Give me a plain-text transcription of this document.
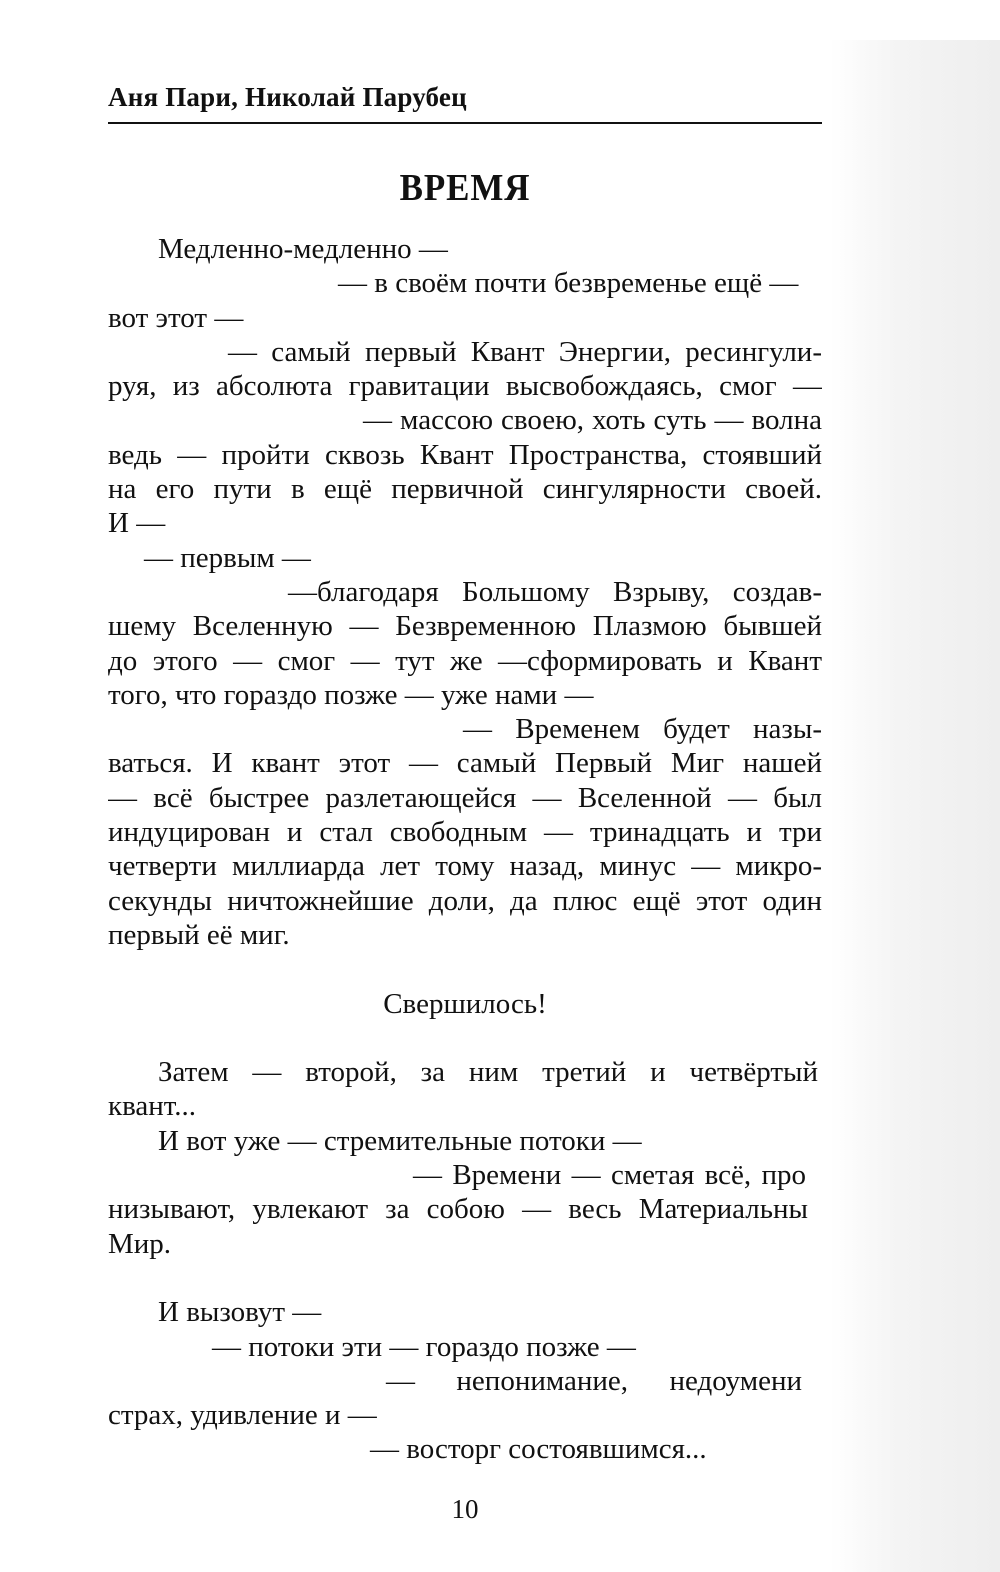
Аня Пари, Николай Парубец
ВРЕМЯ
Медленно-медленно —
— в своём почти безвременье ещё —
вот этот —
— самый первый Квант Энергии, ресингули-
руя, из абсолюта гравитации высвобождаясь, смог —
— массою своею, хоть суть — волна
ведь — пройти сквозь Квант Пространства, стоявший
на его пути в ещё первичной сингулярности своей.
И —
— первым —
—благодаря Большому Взрыву, создав-
шему Вселенную — Безвременною Плазмою бывшей
до этого — смог — тут же —сформировать и Квант
того, что гораздо позже — уже нами —
— Временем будет назы-
ваться. И квант этот — самый Первый Миг нашей
— всё быстрее разлетающейся — Вселенной — был
индуцирован и стал свободным — тринадцать и три
четверти миллиарда лет тому назад, минус — микро-
секунды ничтожнейшие доли, да плюс ещё этот один
первый её миг.
Свершилось!
Затем — второй, за ним третий и четвёртый
квант...
И вот уже — стремительные потоки —
— Времени — сметая всё, про
низывают, увлекают за собою — весь Материальны
Мир.
И вызовут —
— потоки эти — гораздо позже —
— непонимание, недоумени
страх, удивление и —
— восторг состоявшимся...
10
